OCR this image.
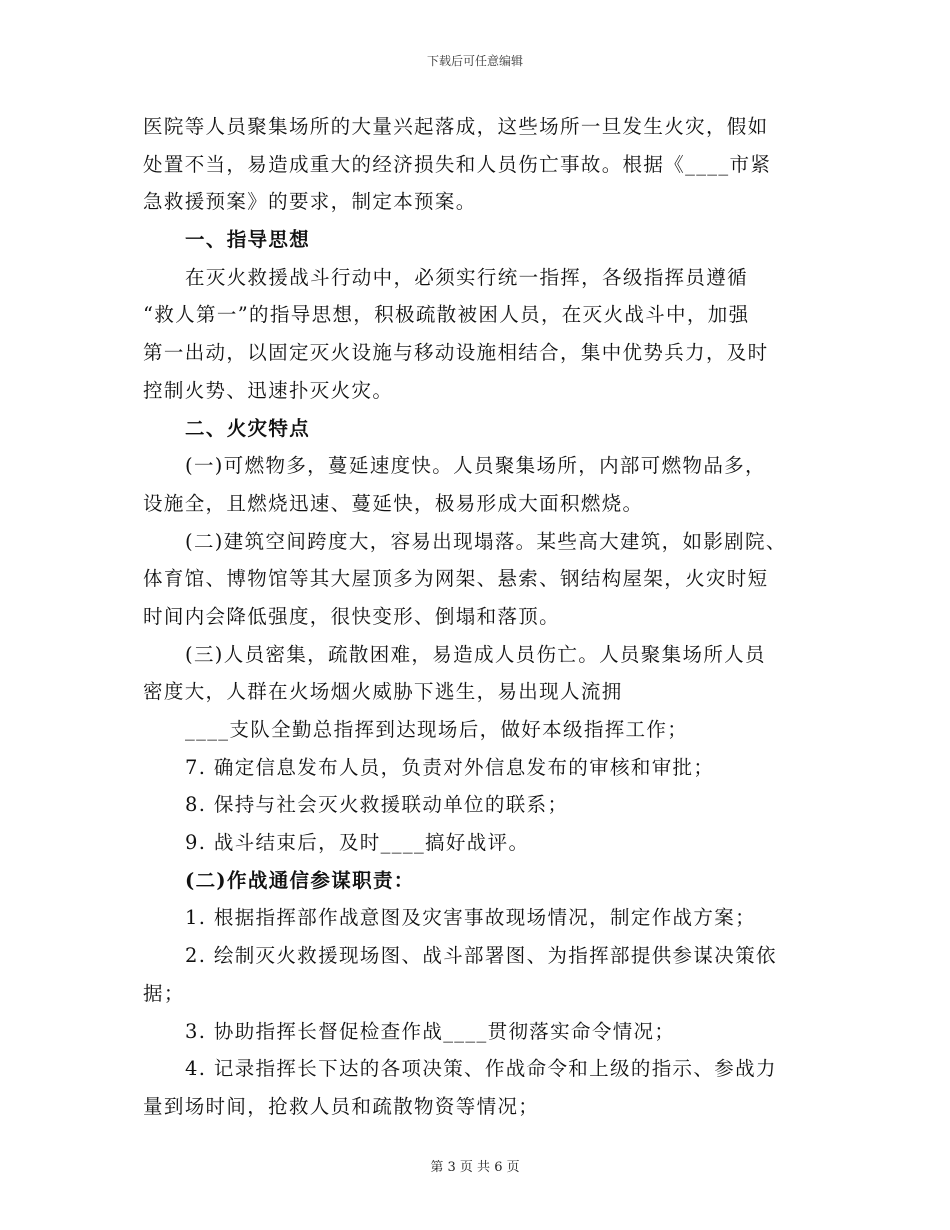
下载后可任意编辑
医院等人员聚集场所的大量兴起落成，这些场所一旦发生火灾，假如
处置不当，易造成重大的经济损失和人员伤亡事故。根据《____市紧
急救援预案》的要求，制定本预案。
一、指导思想
在灭火救援战斗行动中，必须实行统一指挥，各级指挥员遵循
“救人第一”的指导思想，积极疏散被困人员，在灭火战斗中，加强
第一出动，以固定灭火设施与移动设施相结合，集中优势兵力，及时
控制火势、迅速扑灭火灾。
二、火灾特点
(一)可燃物多，蔓延速度快。人员聚集场所，内部可燃物品多，
设施全，且燃烧迅速、蔓延快，极易形成大面积燃烧。
(二)建筑空间跨度大，容易出现塌落。某些高大建筑，如影剧院、
体育馆、博物馆等其大屋顶多为网架、悬索、钢结构屋架，火灾时短
时间内会降低强度，很快变形、倒塌和落顶。
(三)人员密集，疏散困难，易造成人员伤亡。人员聚集场所人员
密度大，人群在火场烟火威胁下逃生，易出现人流拥
____支队全勤总指挥到达现场后，做好本级指挥工作；
7. 确定信息发布人员，负责对外信息发布的审核和审批；
8. 保持与社会灭火救援联动单位的联系；
9. 战斗结束后，及时____搞好战评。
(二)作战通信参谋职责：
1. 根据指挥部作战意图及灾害事故现场情况，制定作战方案；
2. 绘制灭火救援现场图、战斗部署图、为指挥部提供参谋决策依
据；
3. 协助指挥长督促检查作战____贯彻落实命令情况；
4. 记录指挥长下达的各项决策、作战命令和上级的指示、参战力
量到场时间，抢救人员和疏散物资等情况；
第 3 页 共 6 页
